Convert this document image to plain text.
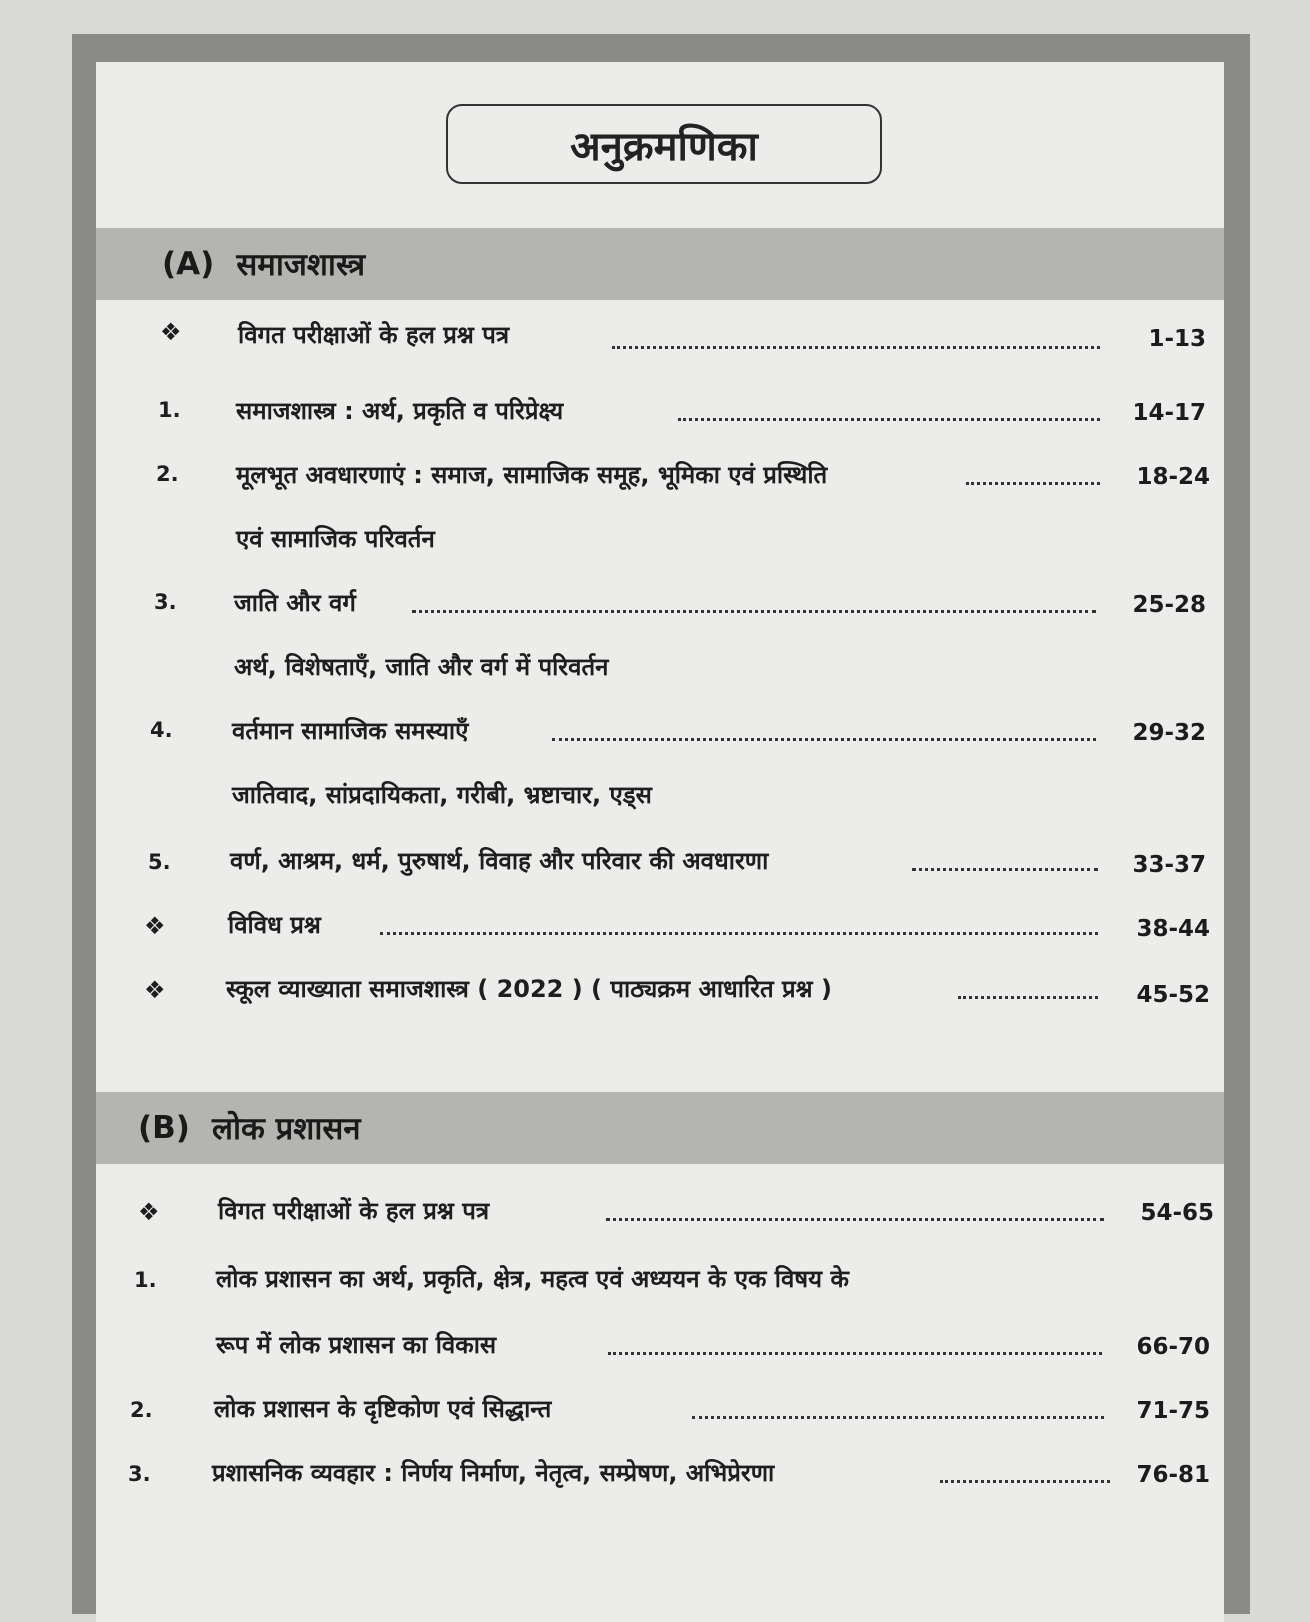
अनुक्रमणिका
(A) समाजशास्त्र
❖	विगत परीक्षाओं के हल प्रश्न पत्र	1-13
1. समाजशास्त्र : अर्थ, प्रकृति व परिप्रेक्ष्य	14-17
2. मूलभूत अवधारणाएं : समाज, सामाजिक समूह, भूमिका एवं प्रस्थिति	18-24
एवं सामाजिक परिवर्तन
3. जाति और वर्ग	25-28
अर्थ, विशेषताएँ, जाति और वर्ग में परिवर्तन
4. वर्तमान सामाजिक समस्याएँ	29-32
जातिवाद, सांप्रदायिकता, गरीबी, भ्रष्टाचार, एड्स
5. वर्ण, आश्रम, धर्म, पुरुषार्थ, विवाह और परिवार की अवधारणा	33-37
❖	विविध प्रश्न	38-44
❖	स्कूल व्याख्याता समाजशास्त्र ( 2022 ) ( पाठ्यक्रम आधारित प्रश्न )	45-52
(B) लोक प्रशासन
❖ विगत परीक्षाओं के हल प्रश्न पत्र	54-65
1. लोक प्रशासन का अर्थ, प्रकृति, क्षेत्र, महत्व एवं अध्ययन के एक विषय के
रूप में लोक प्रशासन का विकास	66-70
2.	लोक प्रशासन के दृष्टिकोण एवं सिद्धान्त	71-75
3.	प्रशासनिक व्यवहार : निर्णय निर्माण, नेतृत्व, सम्प्रेषण, अभिप्रेरणा	76-81
